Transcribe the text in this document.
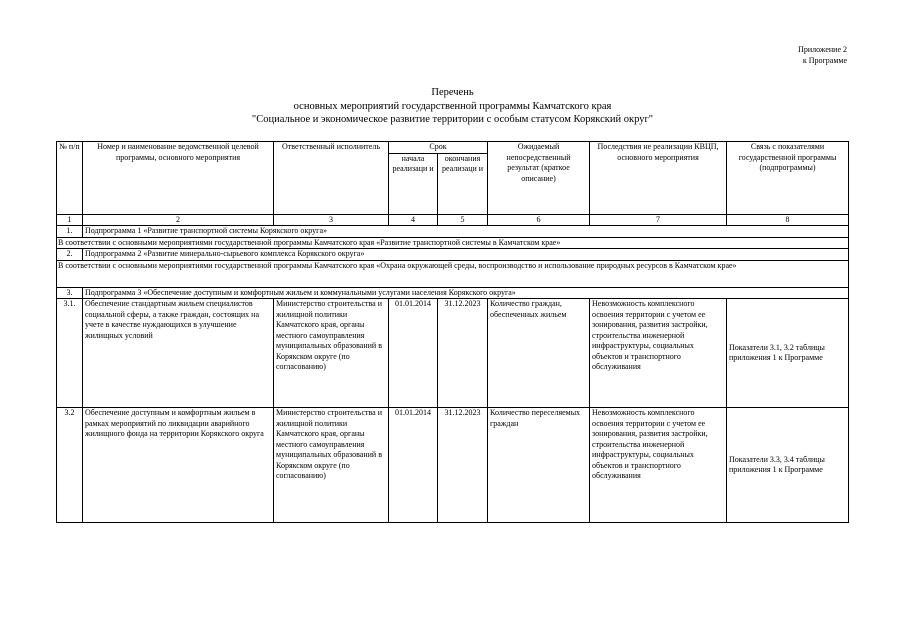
Приложение 2
к Программе
Перечень
основных мероприятий государственной программы Камчатского края
"Социальное и экономическое развитие территории с особым статусом Корякский округ"
№ п/п	Номер и наименование ведомственной целевой программы, основного мероприятия	Ответственный исполнитель	Срок		Ожидаемый непосредственный результат (краткое описание)	Последствия не реализации КВЦП, основного мероприятия	Связь с показателями государственной программы (подпрограммы)
			начала реализаци и	окончания реализаци и			
1	2	3	4	5	6	7	8
1.	Подпрограмма 1 «Развитие транспортной системы Корякского округа»						
В соответствии с основными мероприятиями государственной программы Камчатского края «Развитие транспортной системы в Камчатском крае»							
2.	Подпрограмма 2 «Развитие минерально-сырьевого комплекса Корякского округа»						
В соответствии с основными мероприятиями государственной программы Камчатского края «Охрана окружающей среды, воспроизводство и использование природных ресурсов в Камчатском крае»							
3.	Подпрограмма 3 «Обеспечение доступным и комфортным жильем и коммунальными услугами населения Корякского округа»						
3.1.	Обеспечение стандартным жильем специалистов социальной сферы, а также граждан, состоящих на учете в качестве нуждающихся в улучшение жилищных условий	Министерство строительства и жилищной политики Камчатского края, органы местного самоуправления муниципальных образований в Корякском округе (по согласованию)	01.01.2014	31.12.2023	Количество граждан, обеспеченных жильем	Невозможность комплексного освоения территории с учетом ее зонирования, развития застройки, строительства инженерной инфраструктуры, социальных объектов и транспортного обслуживания	Показатели 3.1, 3.2 таблицы приложения 1 к Программе
3.2	Обеспечение доступным и комфортным жильем в рамках мероприятий по ликвидации аварийного жилищного фонда на территории Корякского округа	Министерство строительства и жилищной политики Камчатского края, органы местного самоуправления муниципальных образований в Корякском округе (по согласованию)	01.01.2014	31.12.2023	Количество переселяемых граждан	Невозможность комплексного освоения территории с учетом ее зонирования, развития застройки, строительства инженерной инфраструктуры, социальных объектов и транспортного обслуживания	Показатели 3.3, 3.4 таблицы приложения 1 к Программе
